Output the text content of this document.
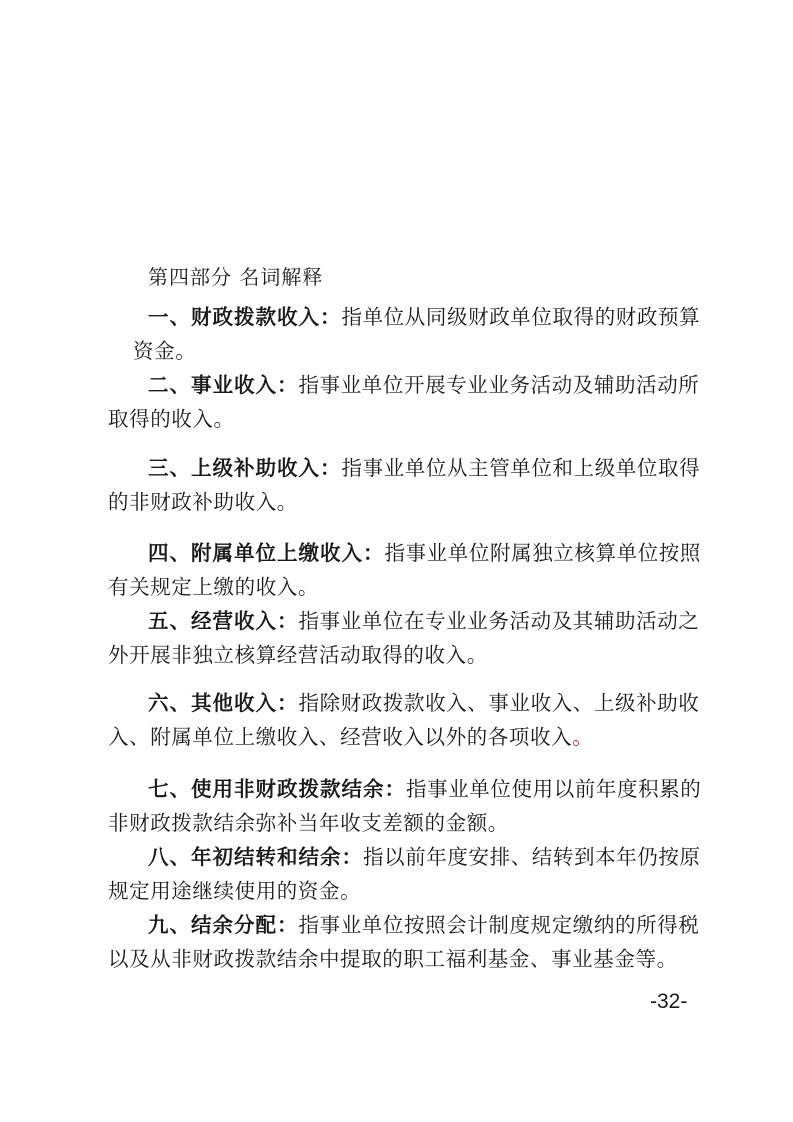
第四部分 名词解释
一、财政拨款收入：指单位从同级财政单位取得的财政预算
资金。
二、事业收入：指事业单位开展专业业务活动及辅助活动所
取得的收入。
三、上级补助收入：指事业单位从主管单位和上级单位取得
的非财政补助收入。
四、附属单位上缴收入：指事业单位附属独立核算单位按照
有关规定上缴的收入。
五、经营收入：指事业单位在专业业务活动及其辅助活动之
外开展非独立核算经营活动取得的收入。
六、其他收入：指除财政拨款收入、事业收入、上级补助收
入、附属单位上缴收入、经营收入以外的各项收入。
七、使用非财政拨款结余：指事业单位使用以前年度积累的
非财政拨款结余弥补当年收支差额的金额。
八、年初结转和结余：指以前年度安排、结转到本年仍按原
规定用途继续使用的资金。
九、结余分配：指事业单位按照会计制度规定缴纳的所得税
以及从非财政拨款结余中提取的职工福利基金、事业基金等。
-32-
